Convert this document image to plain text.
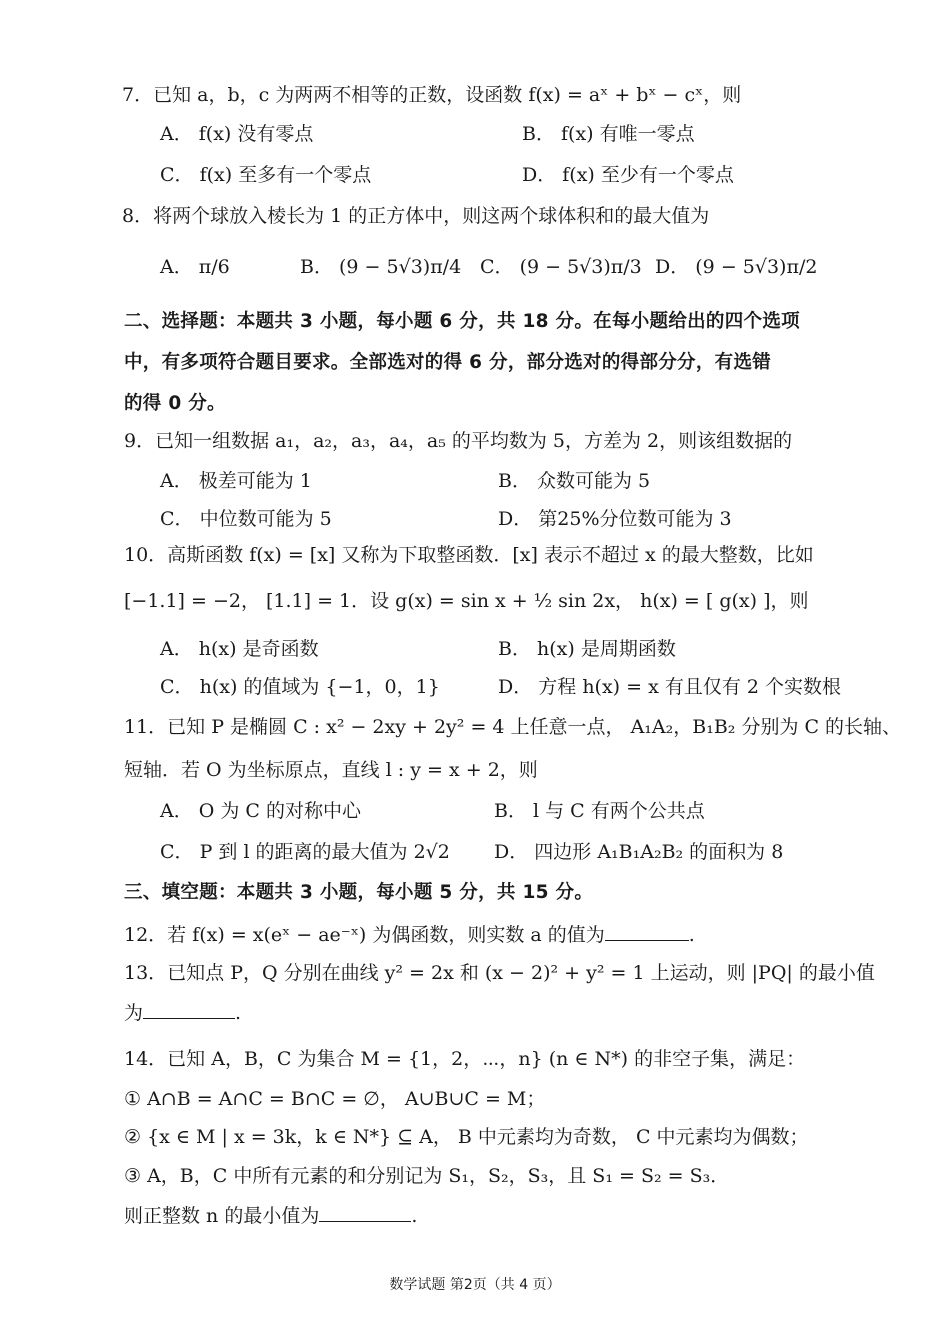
7．已知 a，b，c 为两两不相等的正数，设函数 f(x) = aˣ + bˣ − cˣ，则
A． f(x) 没有零点	B． f(x) 有唯一零点
C． f(x) 至多有一个零点	D． f(x) 至少有一个零点
8．将两个球放入棱长为 1 的正方体中，则这两个球体积和的最大值为
A． π/6	B． (9 − 5√3)π/4 C． (9 − 5√3)π/3 D． (9 − 5√3)π/2
二、选择题：本题共 3 小题，每小题 6 分，共 18 分。在每小题给出的四个选项
中，有多项符合题目要求。全部选对的得 6 分，部分选对的得部分分，有选错
的得 0 分。
9．已知一组数据 a₁，a₂，a₃，a₄，a₅ 的平均数为 5，方差为 2，则该组数据的
A． 极差可能为 1	B． 众数可能为 5
C． 中位数可能为 5	D． 第25%分位数可能为 3
10．高斯函数 f(x) = [x] 又称为下取整函数．[x] 表示不超过 x 的最大整数，比如
[−1.1] = −2， [1.1] = 1．设 g(x) = sin x + ½ sin 2x， h(x) = [ g(x) ]，则
A． h(x) 是奇函数	B． h(x) 是周期函数
C． h(x) 的值域为 {−1，0，1}	D． 方程 h(x) = x 有且仅有 2 个实数根
11．已知 P 是椭圆 C : x² − 2xy + 2y² = 4 上任意一点， A₁A₂，B₁B₂ 分别为 C 的长轴、
短轴．若 O 为坐标原点，直线 l : y = x + 2，则
A． O 为 C 的对称中心	B． l 与 C 有两个公共点
C． P 到 l 的距离的最大值为 2√2 D． 四边形 A₁B₁A₂B₂ 的面积为 8
三、填空题：本题共 3 小题，每小题 5 分，共 15 分。
12．若 f(x) = x(eˣ − ae⁻ˣ) 为偶函数，则实数 a 的值为	.
13．已知点 P，Q 分别在曲线 y² = 2x 和 (x − 2)² + y² = 1 上运动，则 |PQ| 的最小值
为	.
14．已知 A，B，C 为集合 M = {1，2，⋯，n} (n ∈ N*) 的非空子集，满足：
① A∩B = A∩C = B∩C = ∅， A∪B∪C = M；
② {x ∈ M | x = 3k，k ∈ N*} ⊆ A， B 中元素均为奇数， C 中元素均为偶数；
③ A，B，C 中所有元素的和分别记为 S₁，S₂，S₃，且 S₁ = S₂ = S₃．
则正整数 n 的最小值为	.
数学试题 第2页（共 4 页）
